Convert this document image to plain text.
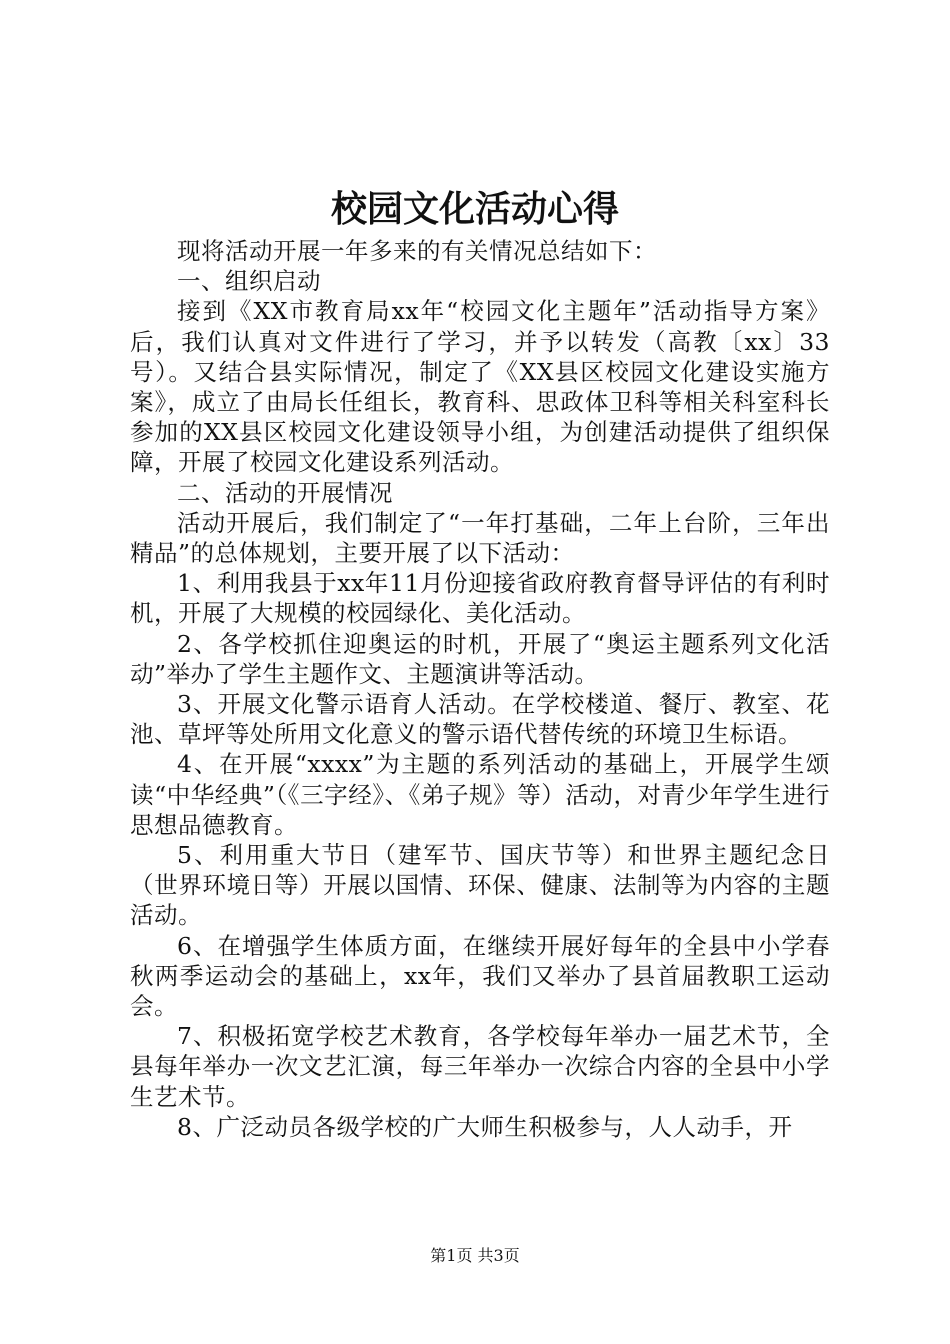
校园文化活动心得

现将活动开展一年多来的有关情况总结如下：

一、组织启动

接到《XX市教育局xx年“校园文化主题年”活动指导方案》后，我们认真对文件进行了学习，并予以转发（高教〔xx〕33号）。又结合县实际情况，制定了《XX县区校园文化建设实施方案》，成立了由局长任组长，教育科、思政体卫科等相关科室科长参加的XX县区校园文化建设领导小组，为创建活动提供了组织保障，开展了校园文化建设系列活动。

二、活动的开展情况

活动开展后，我们制定了“一年打基础，二年上台阶，三年出精品”的总体规划，主要开展了以下活动：

1、利用我县于xx年11月份迎接省政府教育督导评估的有利时机，开展了大规模的校园绿化、美化活动。

2、各学校抓住迎奥运的时机，开展了“奥运主题系列文化活动”举办了学生主题作文、主题演讲等活动。

3、开展文化警示语育人活动。在学校楼道、餐厅、教室、花池、草坪等处所用文化意义的警示语代替传统的环境卫生标语。

4、在开展“xxxx”为主题的系列活动的基础上，开展学生颂读“中华经典”（《三字经》、《弟子规》等）活动，对青少年学生进行思想品德教育。

5、利用重大节日（建军节、国庆节等）和世界主题纪念日（世界环境日等）开展以国情、环保、健康、法制等为内容的主题活动。

6、在增强学生体质方面，在继续开展好每年的全县中小学春秋两季运动会的基础上，xx年，我们又举办了县首届教职工运动会。

7、积极拓宽学校艺术教育，各学校每年举办一届艺术节，全县每年举办一次文艺汇演，每三年举办一次综合内容的全县中小学生艺术节。

8、广泛动员各级学校的广大师生积极参与，人人动手，开

第1页 共3页
